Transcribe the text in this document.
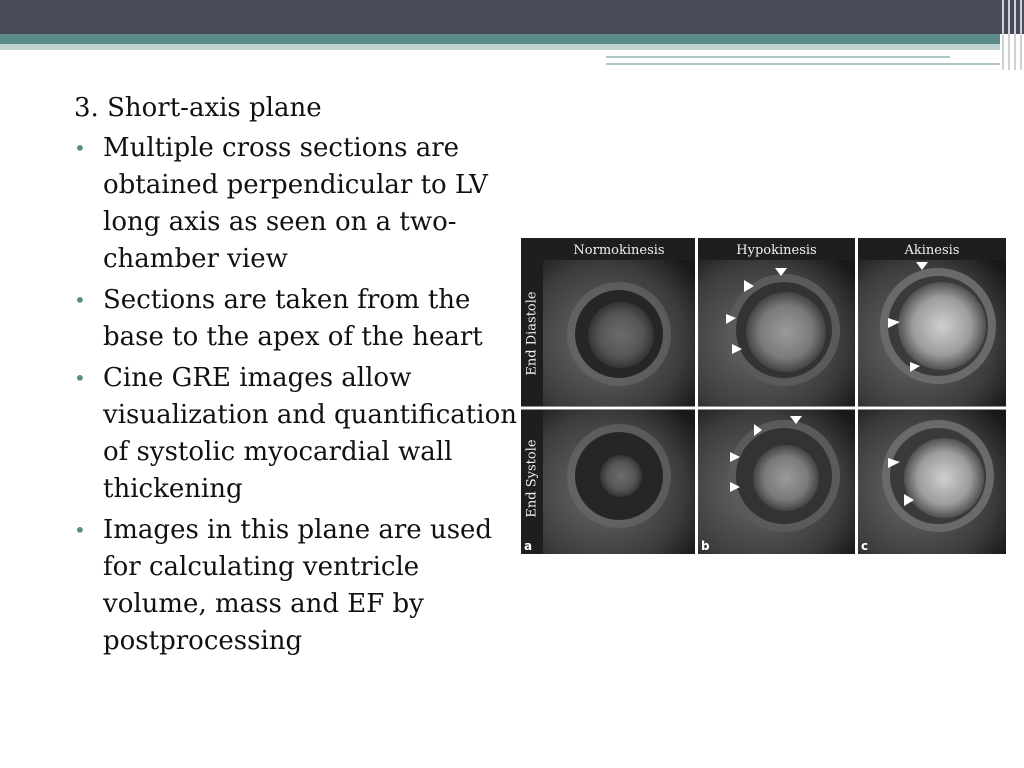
3. Short-axis plane
• Multiple cross sections are obtained perpendicular to LV long axis as seen on a two-chamber view
• Sections are taken from the base to the apex of the heart
• Cine GRE images allow visualization and quantification of systolic myocardial wall thickening
• Images in this plane are used for calculating ventricle volume, mass and EF by postprocessing
Normokinesis
End Diastole
End Systole
a
Hypokinesis
b
Akinesis
c
